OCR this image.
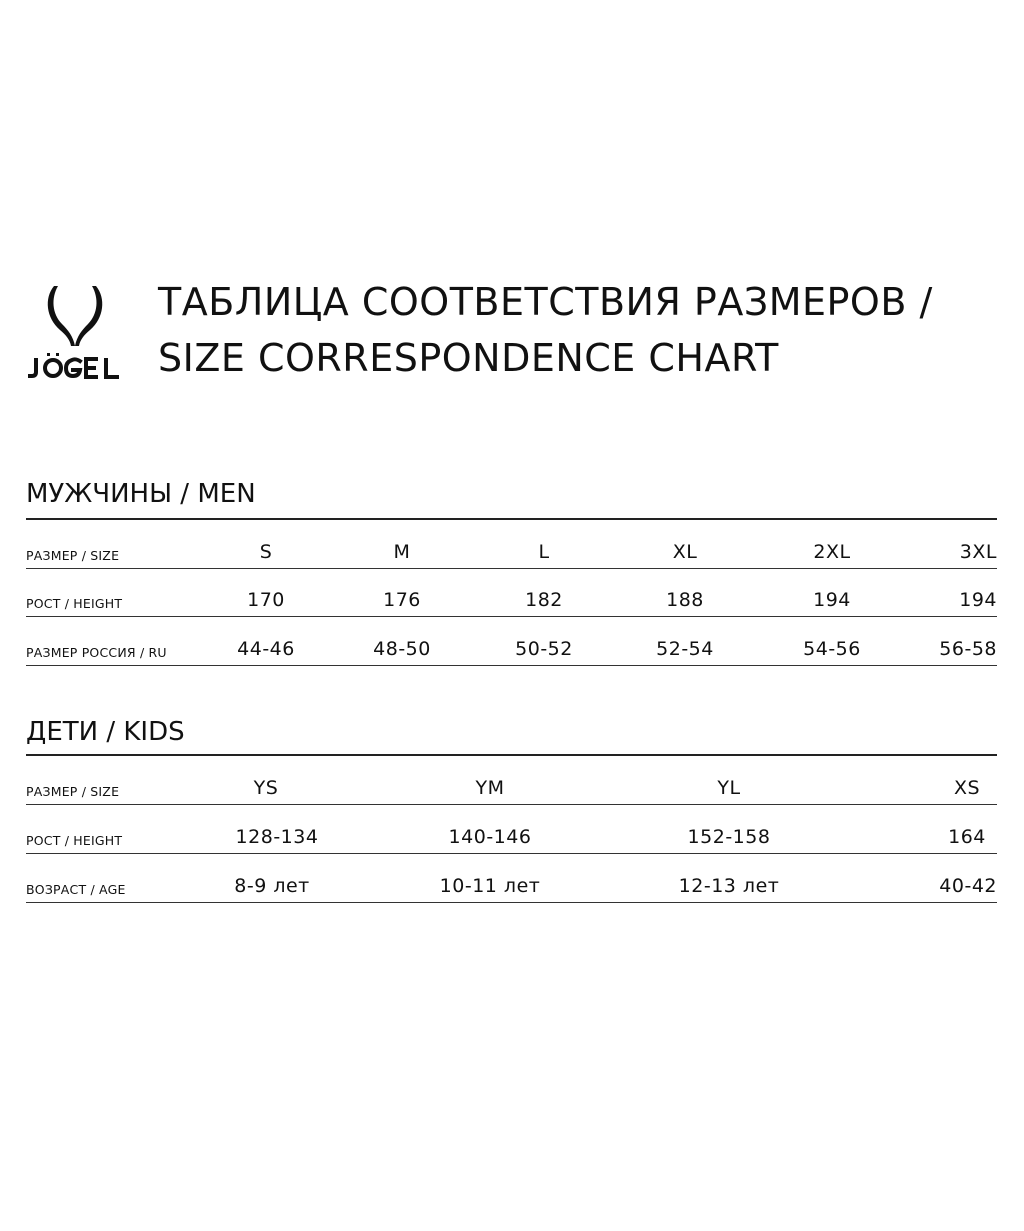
ТАБЛИЦА СООТВЕТСТВИЯ РАЗМЕРОВ /
SIZE CORRESPONDENCE CHART
МУЖЧИНЫ / MEN
РАЗМЕР / SIZE	S	M	L	XL	2XL	3XL
РОСТ / HEIGHT	170	176	182	188	194	194
РАЗМЕР РОССИЯ / RU	44-46	48-50	50-52	52-54	54-56	56-58
ДЕТИ / KIDS
РАЗМЕР / SIZE	YS	YM	YL	XS
РОСТ / HEIGHT	128-134	140-146	152-158	164
ВОЗРАСТ / AGE	8-9 лет	10-11 лет	12-13 лет	40-42
